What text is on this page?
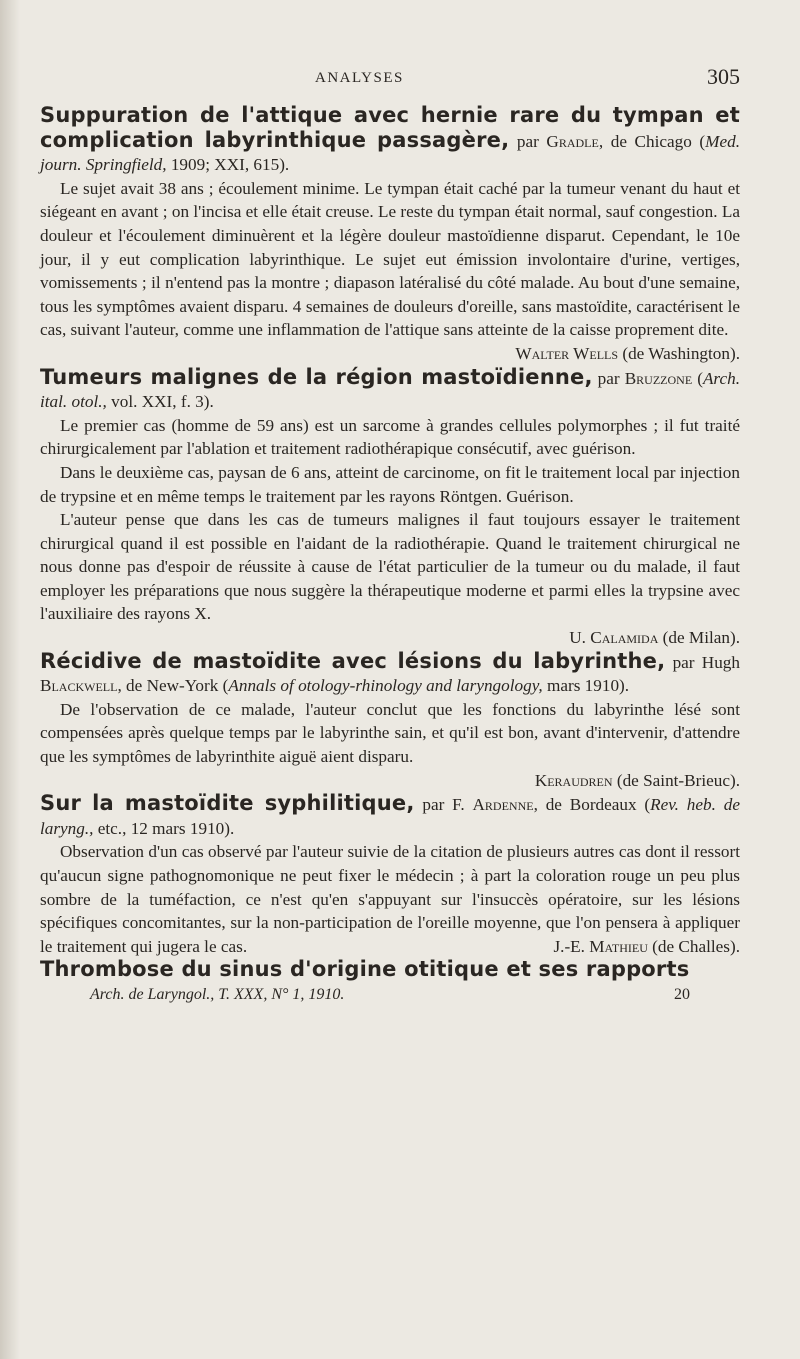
ANALYSES	305

Suppuration de l'attique avec hernie rare du tympan et complication labyrinthique passagère, par Gradle, de Chicago (Med. journ. Springfield, 1909; XXI, 615).

Le sujet avait 38 ans ; écoulement minime. Le tympan était caché par la tumeur venant du haut et siégeant en avant ; on l'incisa et elle était creuse. Le reste du tympan était normal, sauf congestion. La douleur et l'écoulement diminuèrent et la légère douleur mastoïdienne disparut. Cependant, le 10e jour, il y eut complication labyrinthique. Le sujet eut émission involontaire d'urine, vertiges, vomissements ; il n'entend pas la montre ; diapason latéralisé du côté malade. Au bout d'une semaine, tous les symptômes avaient disparu. 4 semaines de douleurs d'oreille, sans mastoïdite, caractérisent le cas, suivant l'auteur, comme une inflammation de l'attique sans atteinte de la caisse proprement dite.

Walter Wells (de Washington).

Tumeurs malignes de la région mastoïdienne, par Bruzzone (Arch. ital. otol., vol. XXI, f. 3).

Le premier cas (homme de 59 ans) est un sarcome à grandes cellules polymorphes ; il fut traité chirurgicalement par l'ablation et traitement radiothérapique consécutif, avec guérison.

Dans le deuxième cas, paysan de 6 ans, atteint de carcinome, on fit le traitement local par injection de trypsine et en même temps le traitement par les rayons Röntgen. Guérison.

L'auteur pense que dans les cas de tumeurs malignes il faut toujours essayer le traitement chirurgical quand il est possible en l'aidant de la radiothérapie. Quand le traitement chirurgical ne nous donne pas d'espoir de réussite à cause de l'état particulier de la tumeur ou du malade, il faut employer les préparations que nous suggère la thérapeutique moderne et parmi elles la trypsine avec l'auxiliaire des rayons X.

U. Calamida (de Milan).

Récidive de mastoïdite avec lésions du labyrinthe, par Hugh Blackwell, de New-York (Annals of otology-rhinology and laryngology, mars 1910).

De l'observation de ce malade, l'auteur conclut que les fonctions du labyrinthe lésé sont compensées après quelque temps par le labyrinthe sain, et qu'il est bon, avant d'intervenir, d'attendre que les symptômes de labyrinthite aiguë aient disparu.

Keraudren (de Saint-Brieuc).

Sur la mastoïdite syphilitique, par F. Ardenne, de Bordeaux (Rev. heb. de laryng., etc., 12 mars 1910).

Observation d'un cas observé par l'auteur suivie de la citation de plusieurs autres cas dont il ressort qu'aucun signe pathognomonique ne peut fixer le médecin ; à part la coloration rouge un peu plus sombre de la tuméfaction, ce n'est qu'en s'appuyant sur l'insuccès opératoire, sur les lésions spécifiques concomitantes, sur la non-participation de l'oreille moyenne, que l'on pensera à appliquer le traitement qui jugera le cas.	J.-E. Mathieu (de Challes).

Thrombose du sinus d'origine otitique et ses rapports

Arch. de Laryngol., T. XXX, N° 1, 1910.	20
